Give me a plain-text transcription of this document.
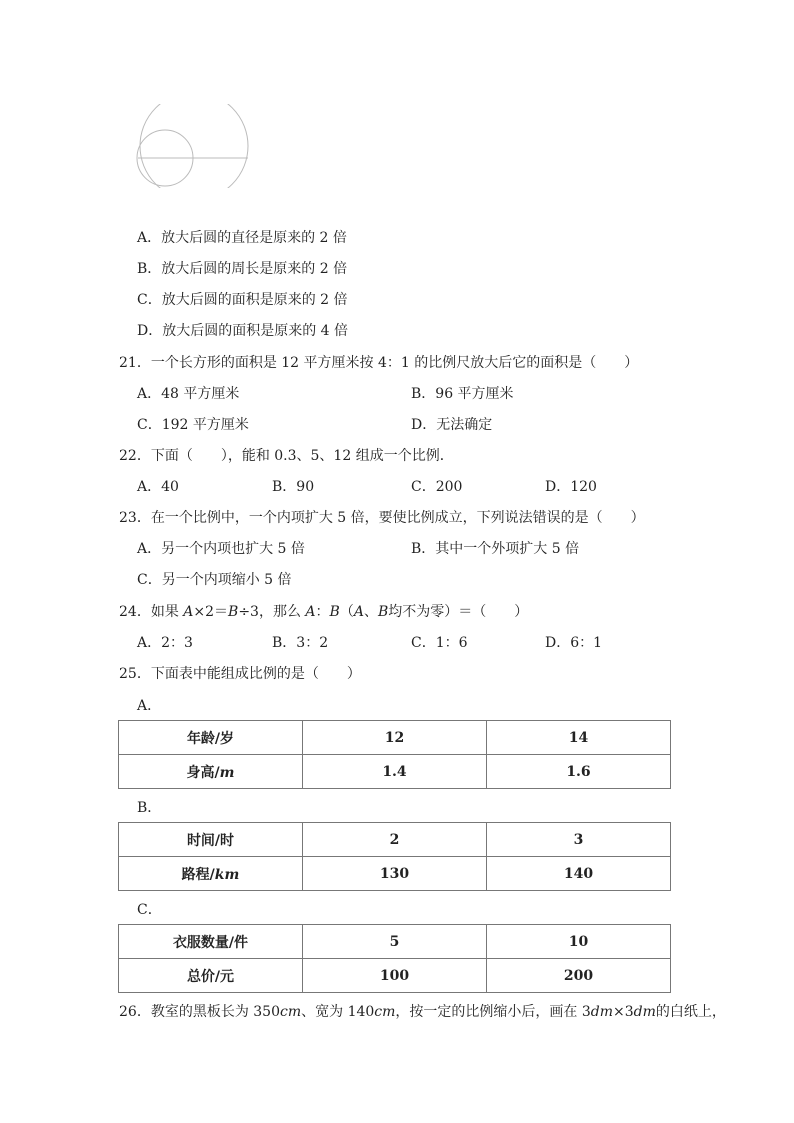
A．放大后圆的直径是原来的 2 倍
B．放大后圆的周长是原来的 2 倍
C．放大后圆的面积是原来的 2 倍
D．放大后圆的面积是原来的 4 倍
21．一个长方形的面积是 12 平方厘米按 4：1 的比例尺放大后它的面积是（　　）
A．48 平方厘米	B．96 平方厘米
C．192 平方厘米	D．无法确定
22．下面（　　），能和 0.3、5、12 组成一个比例．
A．40	B．90	C．200	D．120
23．在一个比例中，一个内项扩大 5 倍，要使比例成立，下列说法错误的是（　　）
A．另一个内项也扩大 5 倍	B．其中一个外项扩大 5 倍
C．另一个内项缩小 5 倍
24．如果 A×2＝B÷3，那么 A：B（A、B均不为零）＝（　　）
A．2：3	B．3：2	C．1：6	D．6：1
25．下面表中能组成比例的是（　　）
A．
年龄/岁	12	14
身高/m	1.4	1.6
B．
时间/时	2	3
路程/km	130	140
C．
衣服数量/件	5	10
总价/元	100	200
26．教室的黑板长为 350cm、宽为 140cm，按一定的比例缩小后，画在 3dm×3dm的白纸上，
